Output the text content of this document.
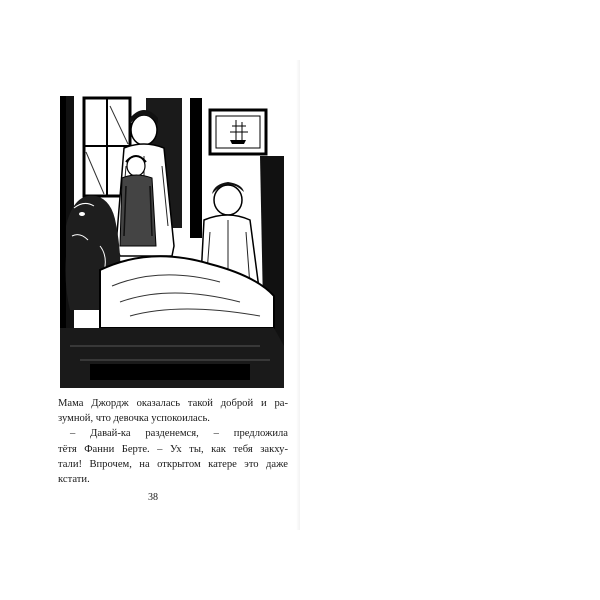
Мама Джордж оказалась такой доброй и ра-
зумной, что девочка успокоилась.
– Давай-ка разденемся, – предложила
тётя Фанни Берте. – Ух ты, как тебя закху-
тали! Впрочем, на открытом катере это даже
кстати.
38
